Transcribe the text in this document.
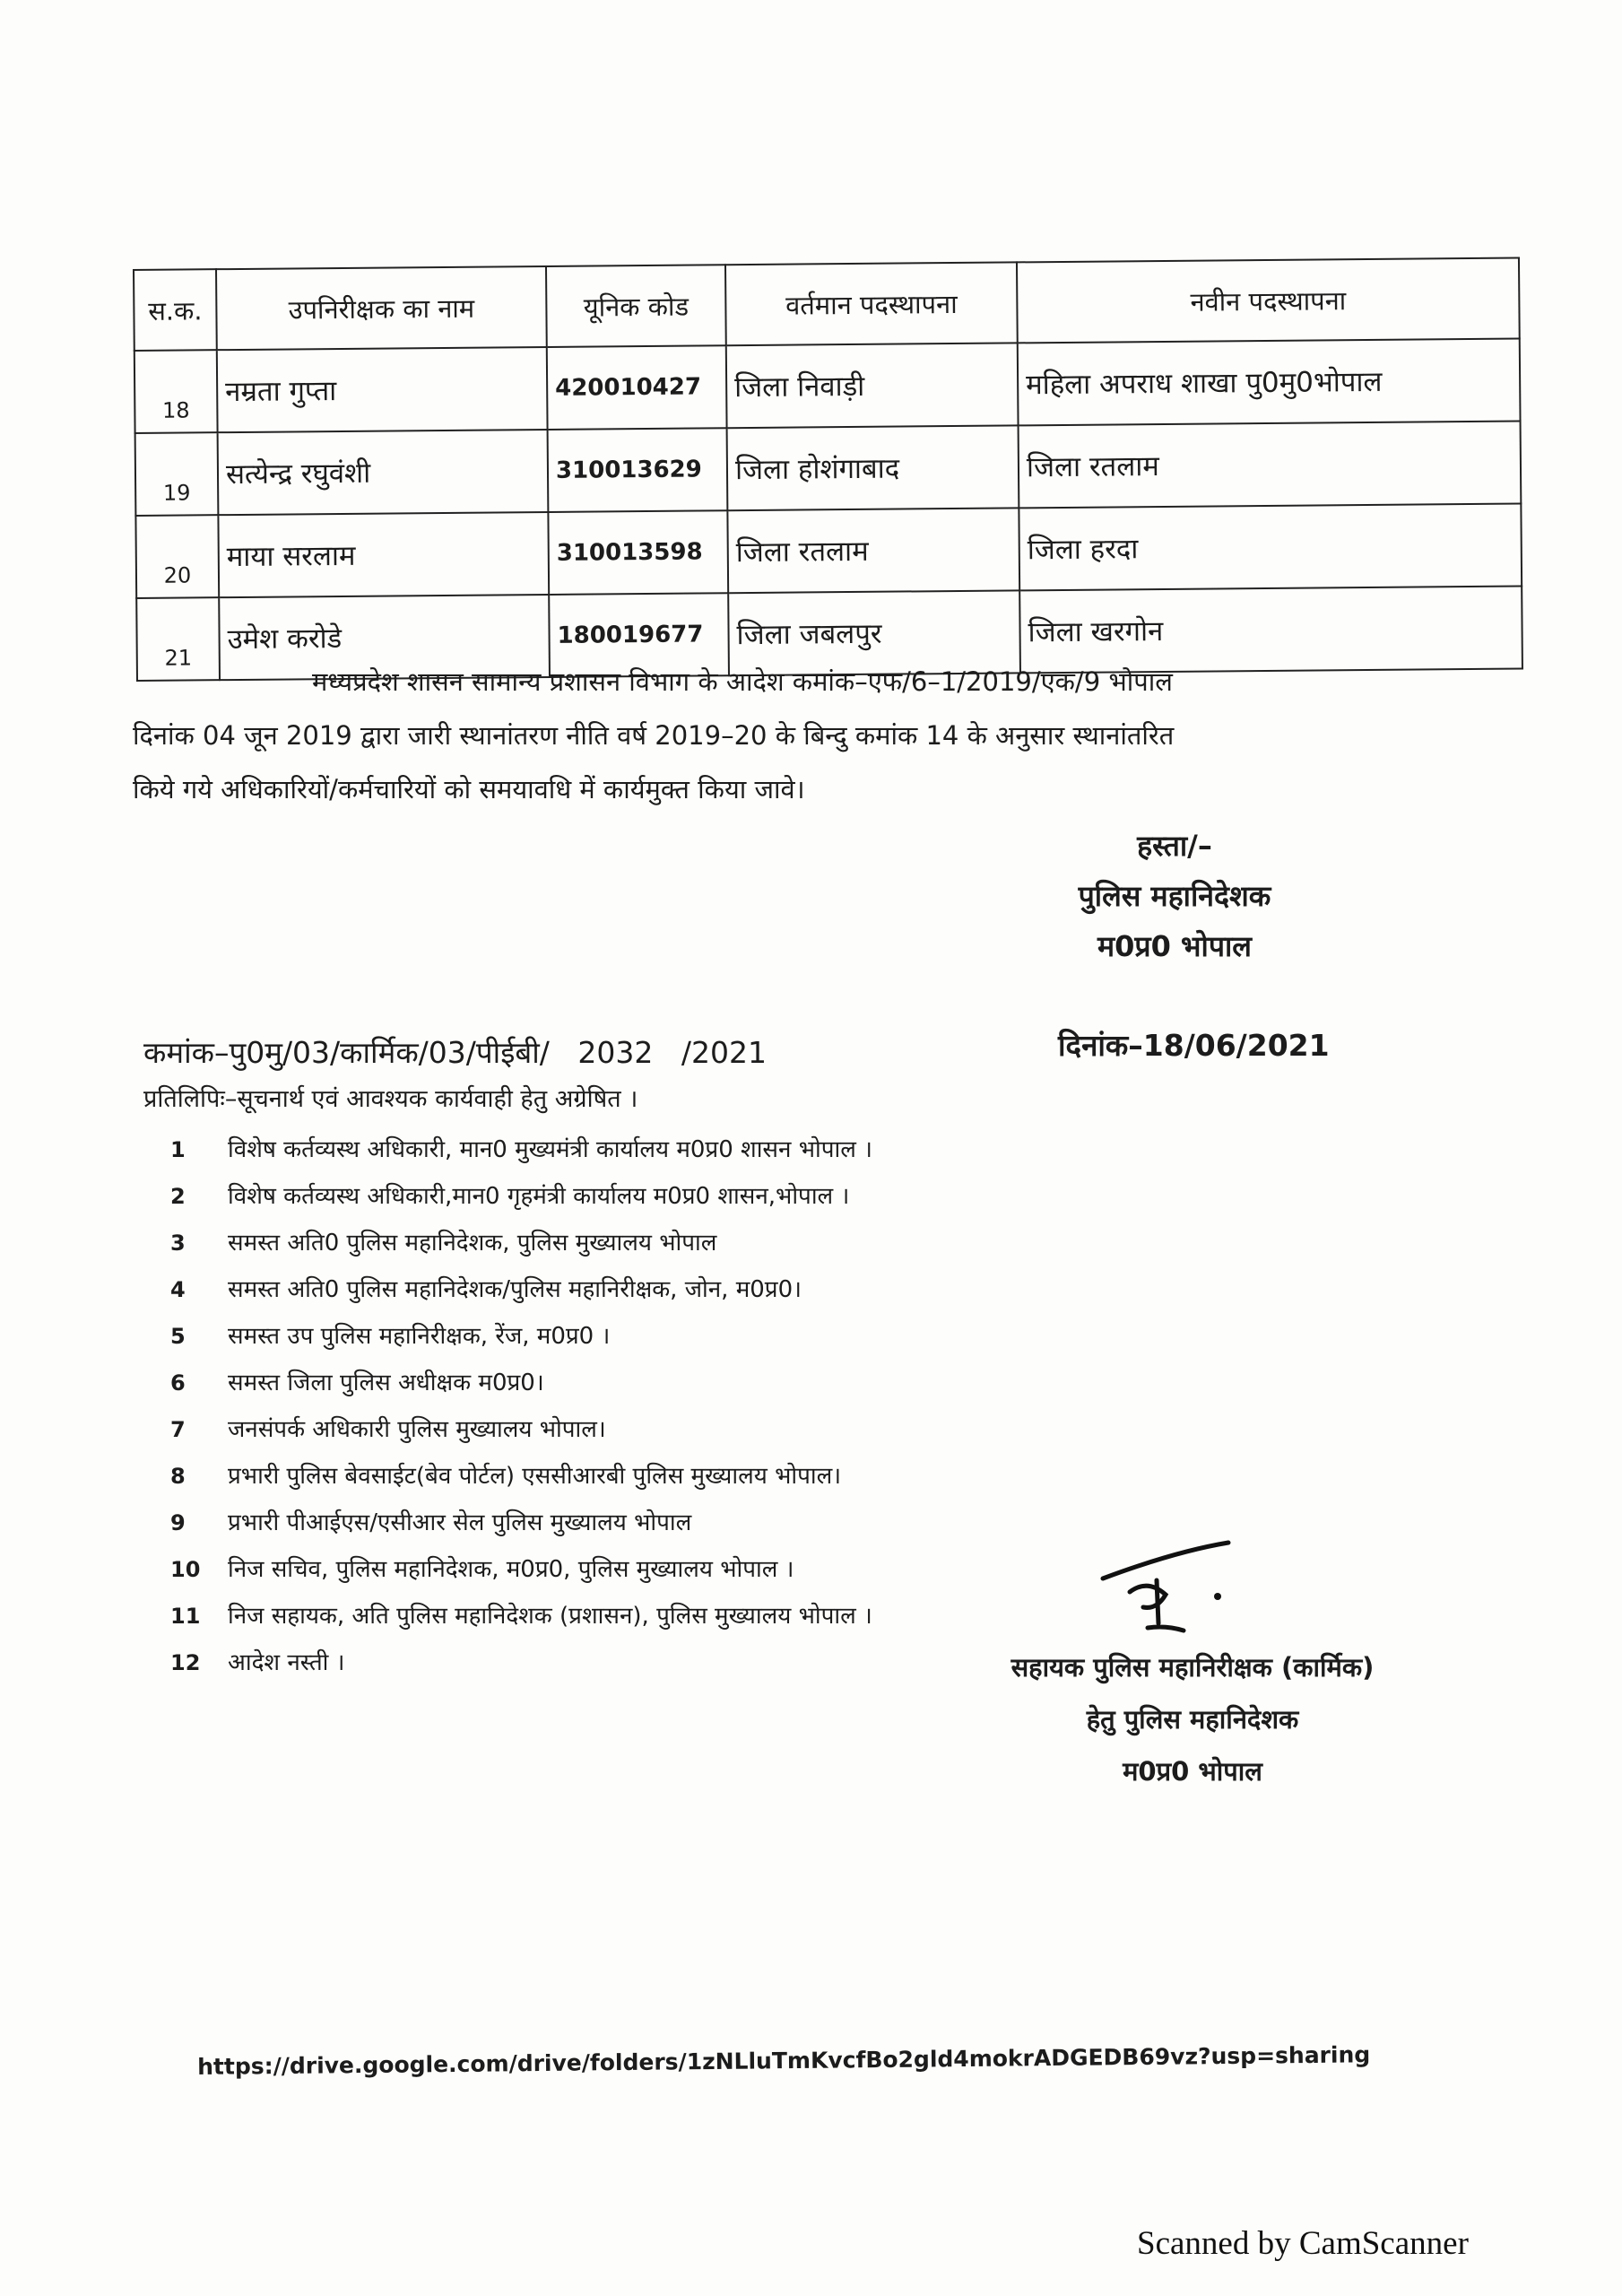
स.क.	उपनिरीक्षक का नाम	यूनिक कोड	वर्तमान पदस्थापना	नवीन पदस्थापना
18	नम्रता गुप्ता	420010427	जिला निवाड़ी	महिला अपराध शाखा पु0मु0भोपाल
19	सत्येन्द्र रघुवंशी	310013629	जिला होशंगाबाद	जिला रतलाम
20	माया सरलाम	310013598	जिला रतलाम	जिला हरदा
21	उमेश करोडे	180019677	जिला जबलपुर	जिला खरगोन
मध्यप्रदेश शासन सामान्य प्रशासन विभाग के आदेश कमांक–एफ/6–1/2019/एक/9 भोपाल
दिनांक 04 जून 2019 द्वारा जारी स्थानांतरण नीति वर्ष 2019–20 के बिन्दु कमांक 14 के अनुसार स्थानांतरित
किये गये अधिकारियों/कर्मचारियों को समयावधि में कार्यमुक्त किया जावे।
हस्ता/–
पुलिस महानिदेशक
म0प्र0 भोपाल
कमांक–पु0मु/03/कार्मिक/03/पीईबी/   2032   /2021	दिनांक–18/06/2021
प्रतिलिपिः–सूचनार्थ एवं आवश्यक कार्यवाही हेतु अग्रेषित ।
1	विशेष कर्तव्यस्थ अधिकारी, मान0 मुख्यमंत्री कार्यालय म0प्र0 शासन भोपाल ।
2	विशेष कर्तव्यस्थ अधिकारी,मान0 गृहमंत्री कार्यालय म0प्र0 शासन,भोपाल ।
3	समस्त अति0 पुलिस महानिदेशक, पुलिस मुख्यालय भोपाल
4	समस्त अति0 पुलिस महानिदेशक/पुलिस महानिरीक्षक, जोन, म0प्र0।
5	समस्त उप पुलिस महानिरीक्षक, रेंज, म0प्र0 ।
6	समस्त जिला पुलिस अधीक्षक म0प्र0।
7	जनसंपर्क अधिकारी पुलिस मुख्यालय भोपाल।
8	प्रभारी पुलिस बेवसाईट(बेव पोर्टल) एससीआरबी पुलिस मुख्यालय भोपाल।
9	प्रभारी पीआईएस/एसीआर सेल पुलिस मुख्यालय भोपाल
10 निज सचिव, पुलिस महानिदेशक, म0प्र0, पुलिस मुख्यालय भोपाल ।
11 निज सहायक, अति पुलिस महानिदेशक (प्रशासन), पुलिस मुख्यालय भोपाल ।
12 आदेश नस्ती ।	सहायक पुलिस महानिरीक्षक (कार्मिक)
हेतु पुलिस महानिदेशक
म0प्र0 भोपाल
https://drive.google.com/drive/folders/1zNLluTmKvcfBo2gld4mokrADGEDB69vz?usp=sharing
Scanned by CamScanner
